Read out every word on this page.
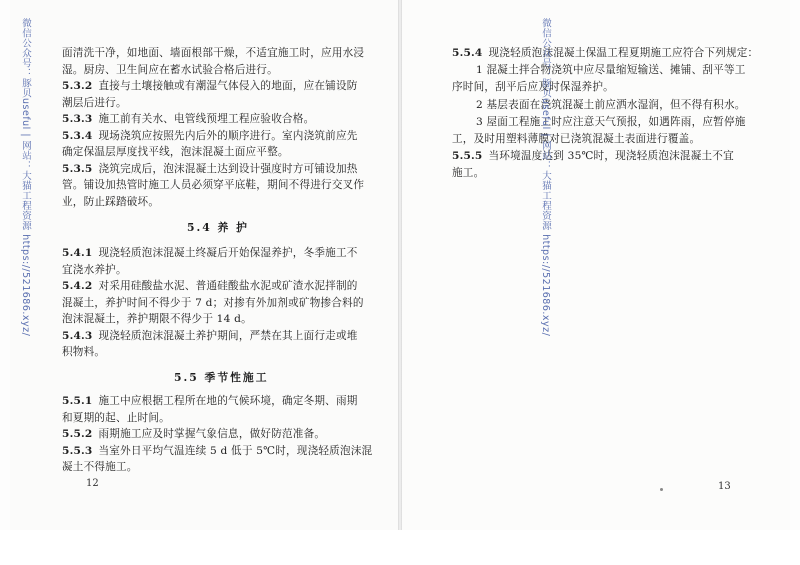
面清洗干净，如地面、墙面根部干燥，不适宜施工时，应用水浸
湿。厨房、卫生间应在蓄水试验合格后进行。
5.3.2 直接与土壤接触或有潮湿气体侵入的地面，应在铺设防
潮层后进行。
5.3.3 施工前有关水、电管线预埋工程应验收合格。
5.3.4 现场浇筑应按照先内后外的顺序进行。室内浇筑前应先
确定保温层厚度找平线，泡沫混凝土面应平整。
5.3.5 浇筑完成后，泡沫混凝土达到设计强度时方可铺设加热
管。铺设加热管时施工人员必须穿平底鞋，期间不得进行交叉作
业，防止踩踏破坏。
5.4 养 护
5.4.1 现浇轻质泡沫混凝土终凝后开始保湿养护，冬季施工不
宜浇水养护。
5.4.2 对采用硅酸盐水泥、普通硅酸盐水泥或矿渣水泥拌制的
混凝土，养护时间不得少于 7 d；对掺有外加剂或矿物掺合料的
泡沫混凝土，养护期限不得少于 14 d。
5.4.3 现浇轻质泡沫混凝土养护期间，严禁在其上面行走或堆
积物料。
5.5 季节性施工
5.5.1 施工中应根据工程所在地的气候环境，确定冬期、雨期
和夏期的起、止时间。
5.5.2 雨期施工应及时掌握气象信息，做好防范准备。
5.5.3 当室外日平均气温连续 5 d 低于 5℃时，现浇轻质泡沫混
凝土不得施工。
12
5.5.4 现浇轻质泡沫混凝土保温工程夏期施工应符合下列规定：
1 混凝土拌合物浇筑中应尽量缩短输送、摊铺、刮平等工
序时间，刮平后应及时保湿养护。
2 基层表面在浇筑混凝土前应洒水湿润，但不得有积水。
3 屋面工程施工时应注意天气预报，如遇阵雨，应暂停施
工，及时用塑料薄膜对已浇筑混凝土表面进行覆盖。
5.5.5 当环境温度达到 35℃时，现浇轻质泡沫混凝土不宜
施工。
13
微信公众号：豚贝useful | 网站：大猫工程资源 https://521686.xyz/	微信公众号：豚贝useful | 网站：大猫工程资源 https://521686.xyz/
